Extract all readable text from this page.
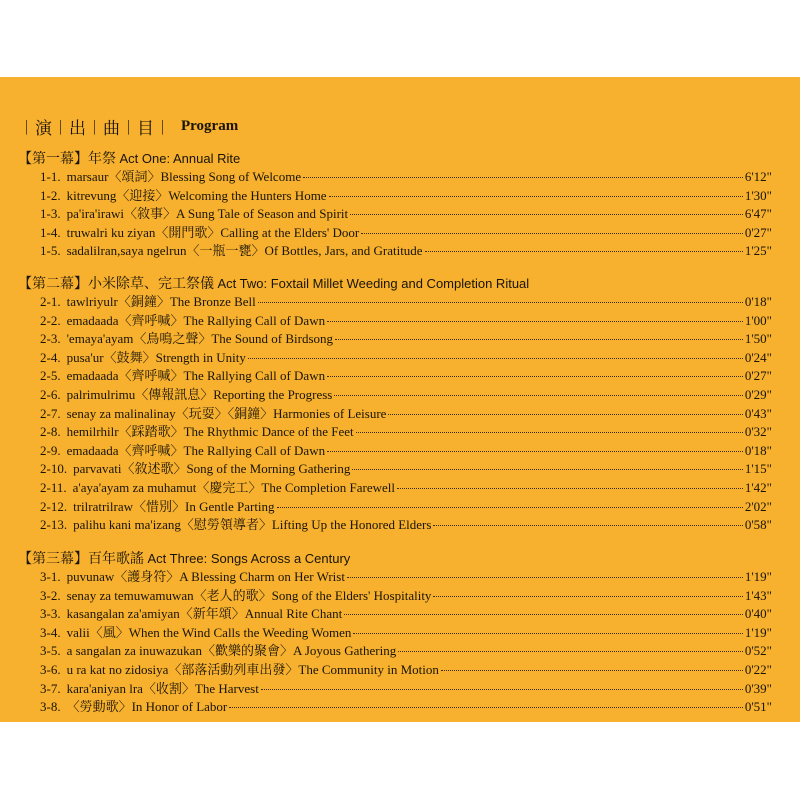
︱演︱出︱曲︱目︱ Program
【第一幕】年祭 Act One: Annual Rite
1-1. marsaur〈頌詞〉Blessing Song of Welcome	6'12"
1-2. kitrevung〈迎接〉Welcoming the Hunters Home	1'30"
1-3. pa'ira'irawi〈敘事〉A Sung Tale of Season and Spirit	6'47"
1-4. truwalri ku ziyan〈開門歌〉Calling at the Elders' Door	0'27"
1-5. sadalilran,saya ngelrun〈一瓶一甕〉Of Bottles, Jars, and Gratitude	1'25"
【第二幕】小米除草、完工祭儀 Act Two: Foxtail Millet Weeding and Completion Ritual
2-1. tawlriyulr〈銅鐘〉The Bronze Bell	0'18"
2-2. emadaada〈齊呼喊〉The Rallying Call of Dawn	1'00"
2-3. 'emaya'ayam〈鳥鳴之聲〉The Sound of Birdsong	1'50"
2-4. pusa'ur〈鼓舞〉Strength in Unity	0'24"
2-5. emadaada〈齊呼喊〉The Rallying Call of Dawn	0'27"
2-6. palrimulrimu〈傳報訊息〉Reporting the Progress	0'29"
2-7. senay za malinalinay〈玩耍〉〈銅鐘〉Harmonies of Leisure	0'43"
2-8. hemilrhilr〈踩踏歌〉The Rhythmic Dance of the Feet	0'32"
2-9. emadaada〈齊呼喊〉The Rallying Call of Dawn	0'18"
2-10. parvavati〈敘述歌〉Song of the Morning Gathering	1'15"
2-11. a'aya'ayam za muhamut〈慶完工〉The Completion Farewell	1'42"
2-12. trilratrilraw〈惜別〉In Gentle Parting	2'02"
2-13. palihu kani ma'izang〈慰勞領導者〉Lifting Up the Honored Elders	0'58"
【第三幕】百年歌謠 Act Three: Songs Across a Century
3-1. puvunaw〈護身符〉A Blessing Charm on Her Wrist	1'19"
3-2. senay za temuwamuwan〈老人的歌〉Song of the Elders' Hospitality	1'43"
3-3. kasangalan za'amiyan〈新年頌〉Annual Rite Chant	0'40"
3-4. valii〈風〉When the Wind Calls the Weeding Women	1'19"
3-5. a sangalan za inuwazukan〈歡樂的聚會〉A Joyous Gathering	0'52"
3-6. u ra kat no zidosiya〈部落活動列車出發〉The Community in Motion	0'22"
3-7. kara'aniyan lra〈收割〉The Harvest	0'39"
3-8. 〈勞動歌〉In Honor of Labor	0'51"
